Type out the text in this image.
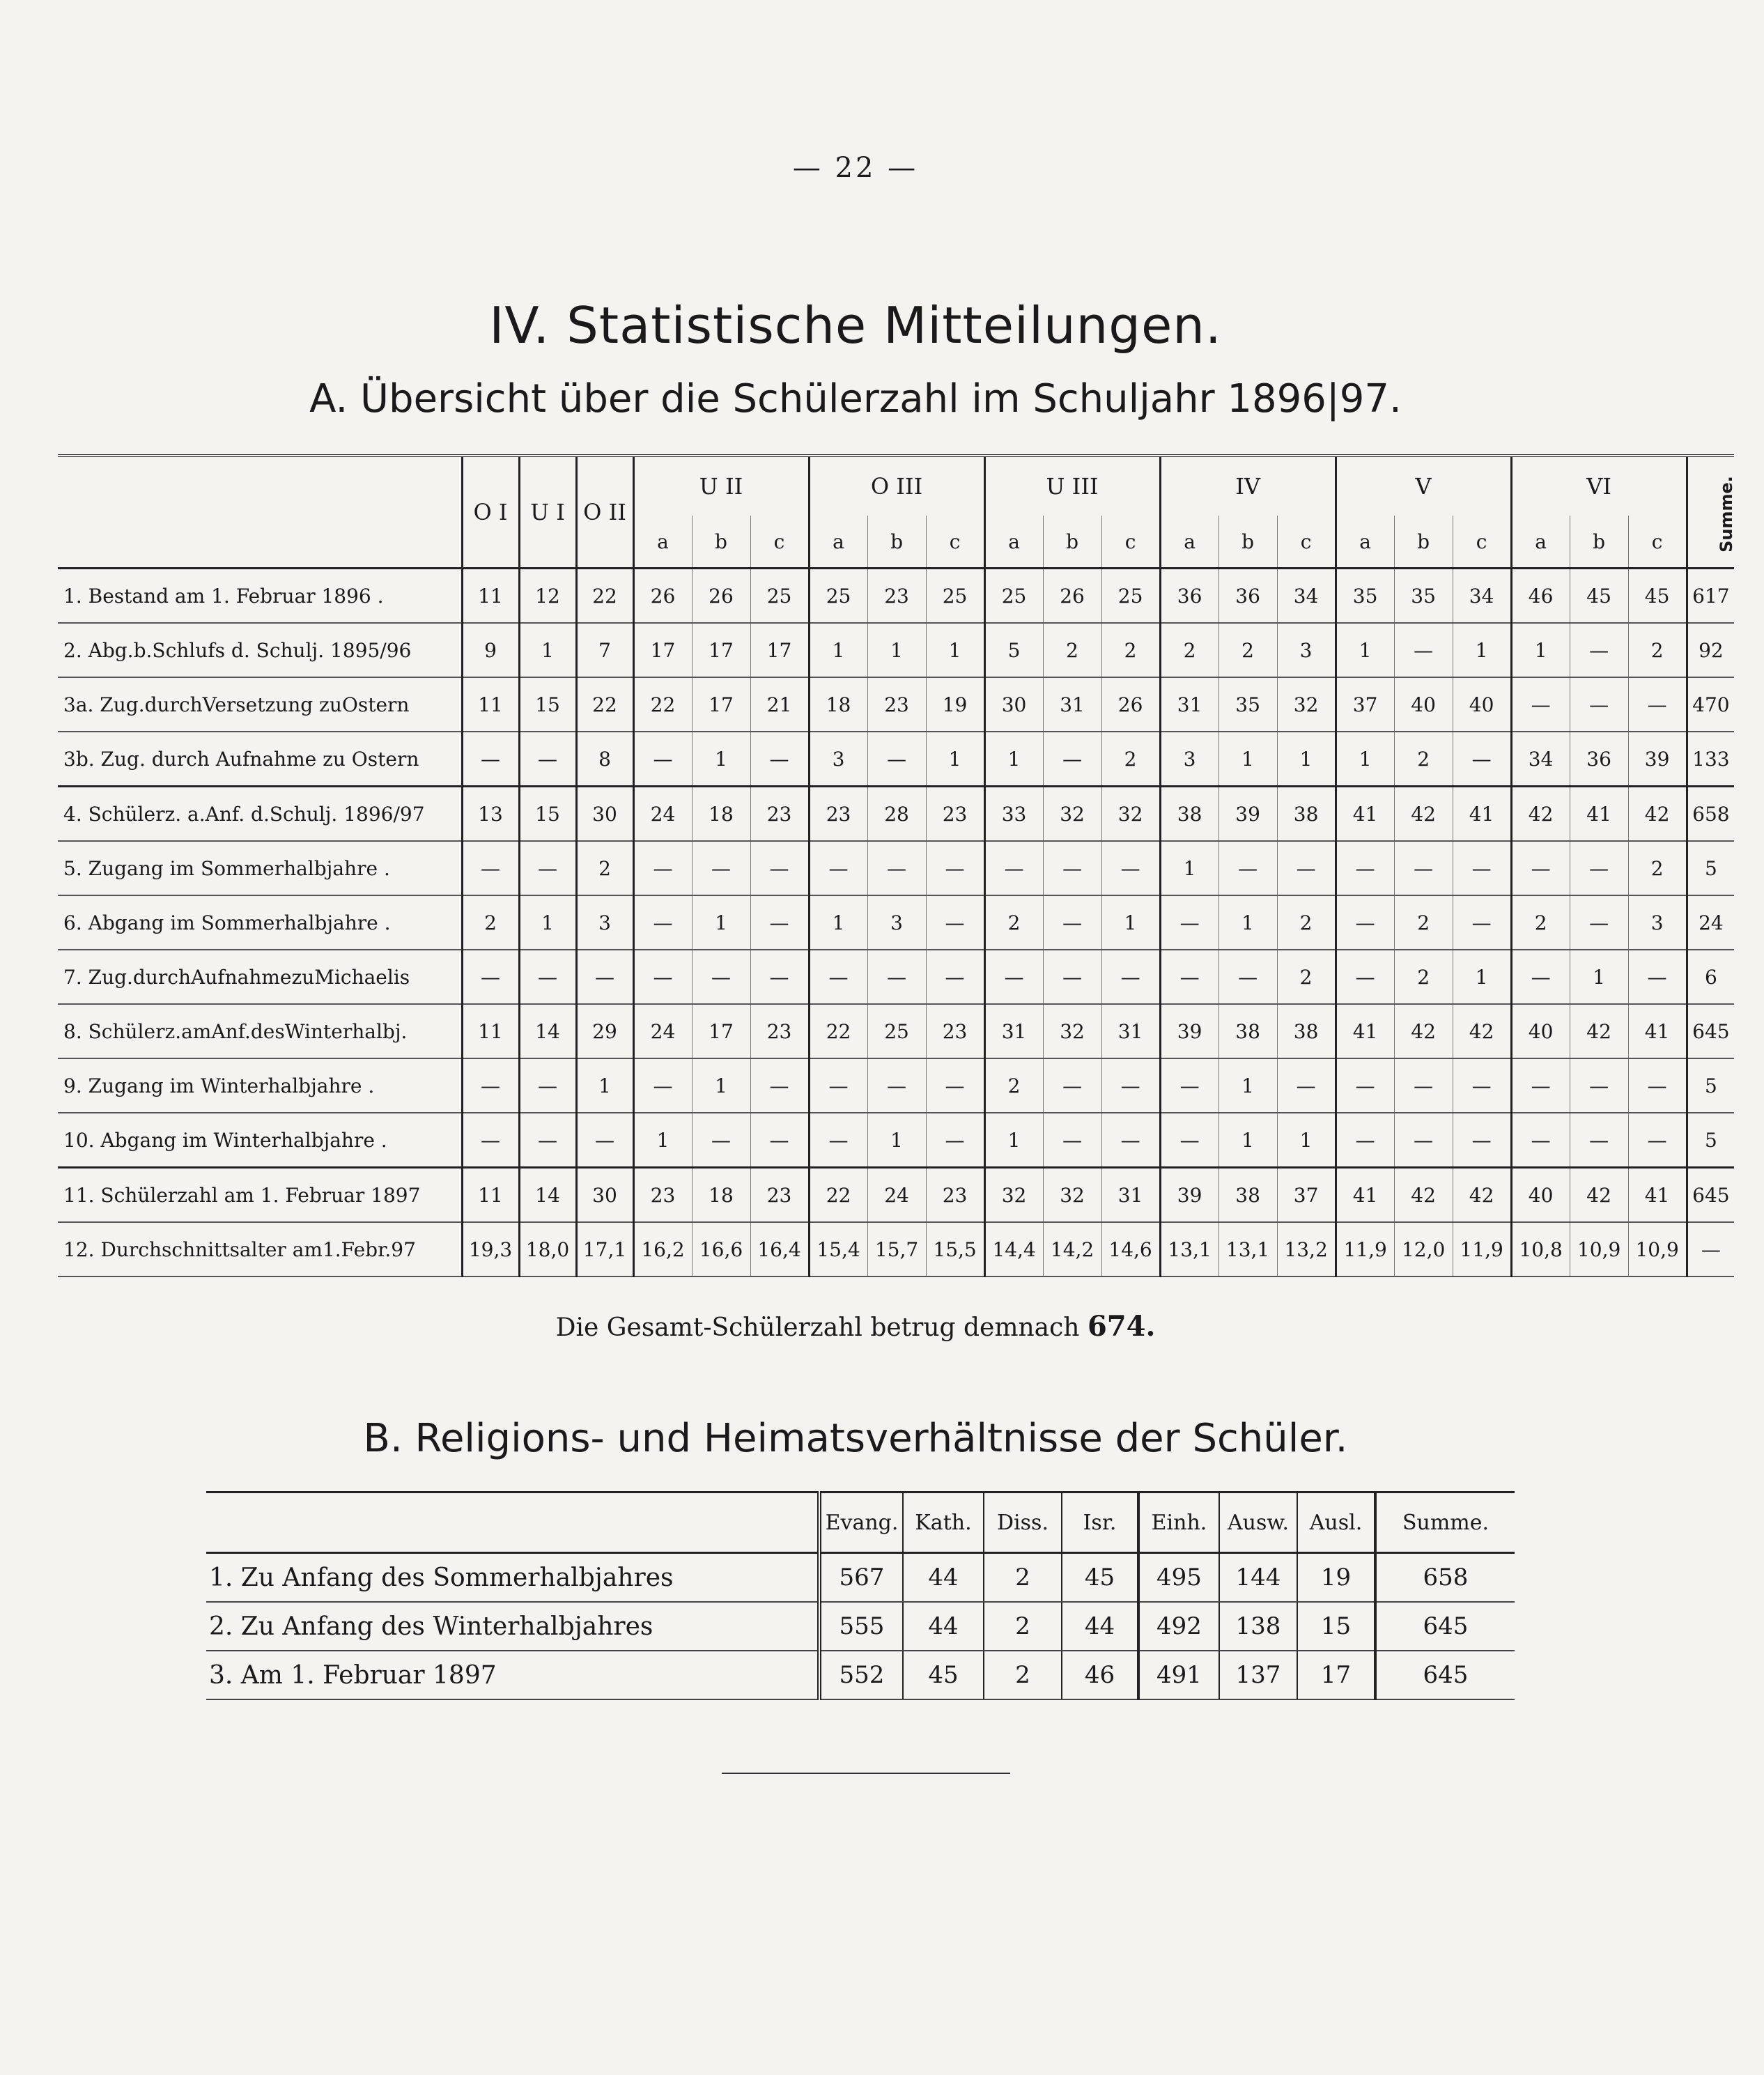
— 22 —
IV. Statistische Mitteilungen.
A. Übersicht über die Schülerzahl im Schuljahr 1896|97.
	O I	U I	O II	U II			O III			U III			IV			V			VI			Summe.
				a	b	c	a	b	c	a	b	c	a	b	c	a	b	c	a	b	c	
1. Bestand am 1. Februar 1896 .	11	12	22	26	26	25	25	23	25	25	26	25	36	36	34	35	35	34	46	45	45	617
2. Abg.b.Schlufs d. Schulj. 1895/96	9	1	7	17	17	17	1	1	1	5	2	2	2	2	3	1	—	1	1	—	2	92
3a. Zug.durchVersetzung zuOstern	11	15	22	22	17	21	18	23	19	30	31	26	31	35	32	37	40	40	—	—	—	470
3b. Zug. durch Aufnahme zu Ostern	—	—	8	—	1	—	3	—	1	1	—	2	3	1	1	1	2	—	34	36	39	133
4. Schülerz. a.Anf. d.Schulj. 1896/97	13	15	30	24	18	23	23	28	23	33	32	32	38	39	38	41	42	41	42	41	42	658
5. Zugang im Sommerhalbjahre .	—	—	2	—	—	—	—	—	—	—	—	—	1	—	—	—	—	—	—	—	2	5
6. Abgang im Sommerhalbjahre .	2	1	3	—	1	—	1	3	—	2	—	1	—	1	2	—	2	—	2	—	3	24
7. Zug.durchAufnahmezuMichaelis	—	—	—	—	—	—	—	—	—	—	—	—	—	—	2	—	2	1	—	1	—	6
8. Schülerz.amAnf.desWinterhalbj.	11	14	29	24	17	23	22	25	23	31	32	31	39	38	38	41	42	42	40	42	41	645
9. Zugang im Winterhalbjahre .	—	—	1	—	1	—	—	—	—	2	—	—	—	1	—	—	—	—	—	—	—	5
10. Abgang im Winterhalbjahre .	—	—	—	1	—	—	—	1	—	1	—	—	—	1	1	—	—	—	—	—	—	5
11. Schülerzahl am 1. Februar 1897	11	14	30	23	18	23	22	24	23	32	32	31	39	38	37	41	42	42	40	42	41	645
12. Durchschnittsalter am1.Febr.97	19,3	18,0	17,1	16,2	16,6	16,4	15,4	15,7	15,5	14,4	14,2	14,6	13,1	13,1	13,2	11,9	12,0	11,9	10,8	10,9	10,9	—
Die Gesamt-Schülerzahl betrug demnach 674.
B. Religions- und Heimatsverhältnisse der Schüler.
	Evang.	Kath.	Diss.	Isr.	Einh.	Ausw.	Ausl.	Summe.
1. Zu Anfang des Sommerhalbjahres	567	44	2	45	495	144	19	658
2. Zu Anfang des Winterhalbjahres	555	44	2	44	492	138	15	645
3. Am 1. Februar 1897	552	45	2	46	491	137	17	645
